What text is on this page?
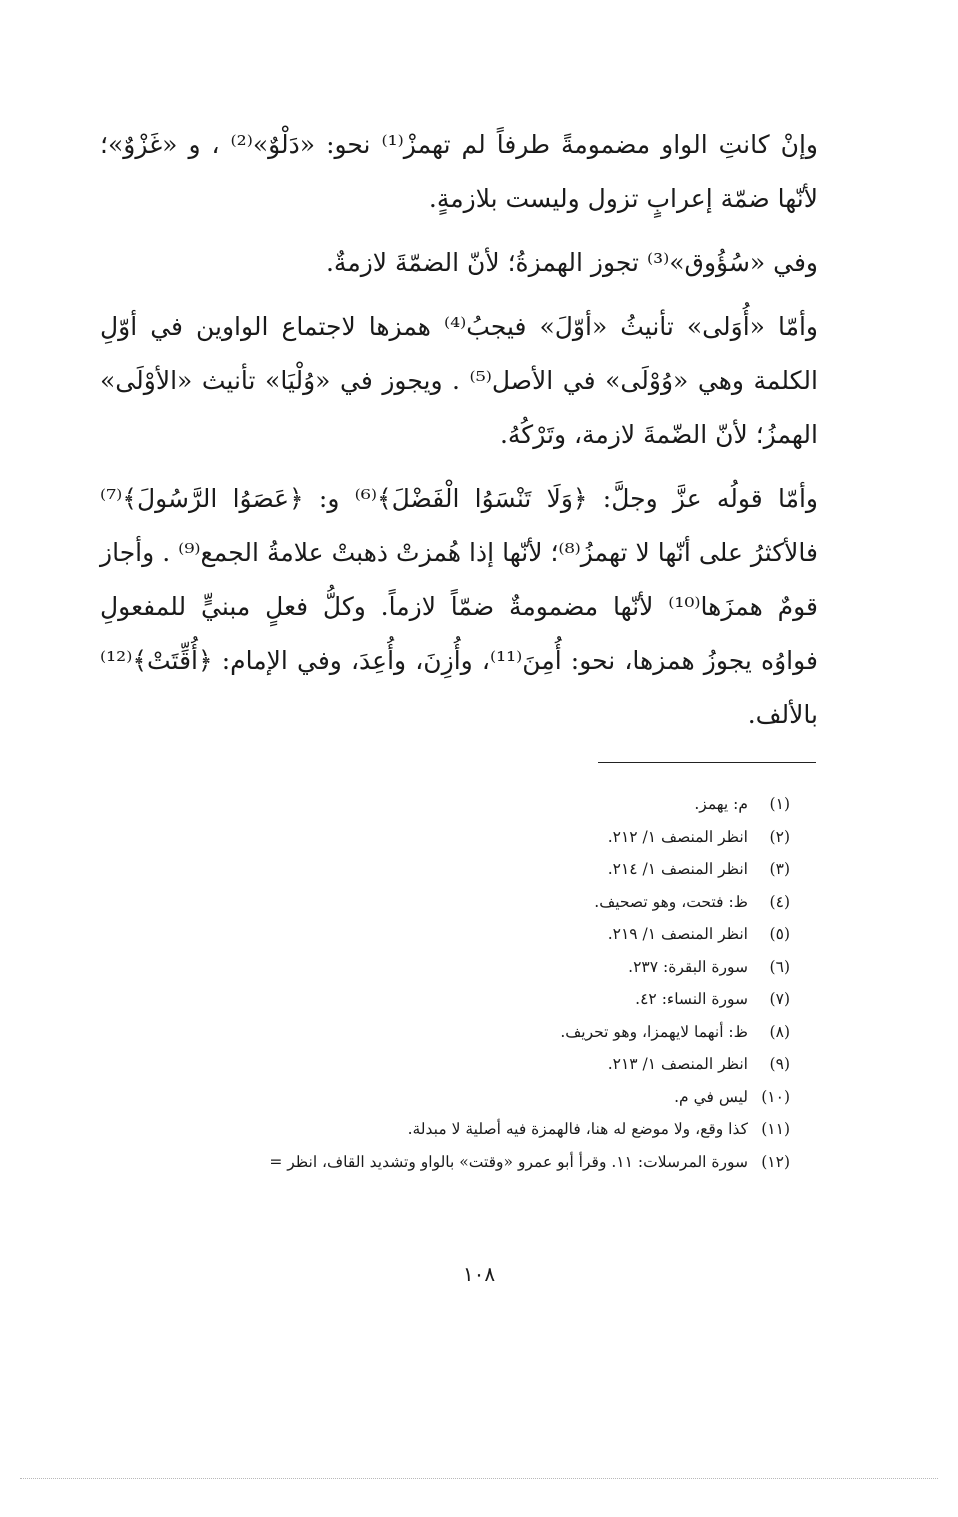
وإنْ كانتِ الواو مضمومةً طرفاً لم تهمزْ⁽¹⁾ نحو: «دَلْوٌ»⁽²⁾ ، و «غَزْوٌ»؛ لأنّها ضمّة إعرابٍ تزول وليست بلازمةٍ.

وفي «سُؤُوق»⁽³⁾ تجوز الهمزةُ؛ لأنّ الضمّةَ لازمةٌ.

وأمّا «أُوَلى» تأنيثُ «أوّلَ» فيجبُ⁽⁴⁾ همزها لاجتماع الواوين في أوّلِ الكلمة وهي «وُوْلَى» في الأصل⁽⁵⁾ . ويجوز في «وُلْيَا» تأنيث «الأوْلَى» الهمزُ؛ لأنّ الضّمةَ لازمة، وتَرْكُهُ.

وأمّا قولُه عزَّ وجلَّ: ﴿وَلَا تَنْسَوُا الْفَضْلَ﴾⁽⁶⁾ و: ﴿عَصَوُا الرَّسُولَ﴾⁽⁷⁾ فالأكثرُ على أنّها لا تهمزُ⁽⁸⁾؛ لأنّها إذا هُمزتْ ذهبتْ علامةُ الجمع⁽⁹⁾ . وأجاز قومٌ همزَها⁽¹⁰⁾ لأنّها مضمومةٌ ضمّاً لازماً. وكلُّ فعلٍ مبنيٍّ للمفعولِ فواوُه يجوزُ همزها، نحو: أُمِنَ⁽¹¹⁾، وأُزِنَ، وأُعِدَ، وفي الإمام: ﴿أُقِّتَتْ﴾⁽¹²⁾ بالألف.

(١)
م: يهمز.
(٢)
انظر المنصف ١/ ٢١٢.
(٣)
انظر المنصف ١/ ٢١٤.
(٤)
ظ: فتحت، وهو تصحيف.
(٥)
انظر المنصف ١/ ٢١٩.
(٦)
سورة البقرة: ٢٣٧.
(٧)
سورة النساء: ٤٢.
(٨)
ظ: أنهما لايهمزا، وهو تحريف.
(٩)
انظر المنصف ١/ ٢١٣.
(١٠)
ليس في م.
(١١)
كذا وقع، ولا موضع له هنا، فالهمزة فيه أصلية لا مبدلة.
(١٢)
سورة المرسلات: ١١. وقرأ أبو عمرو «وقتت» بالواو وتشديد القاف، انظر =
١٠٨
